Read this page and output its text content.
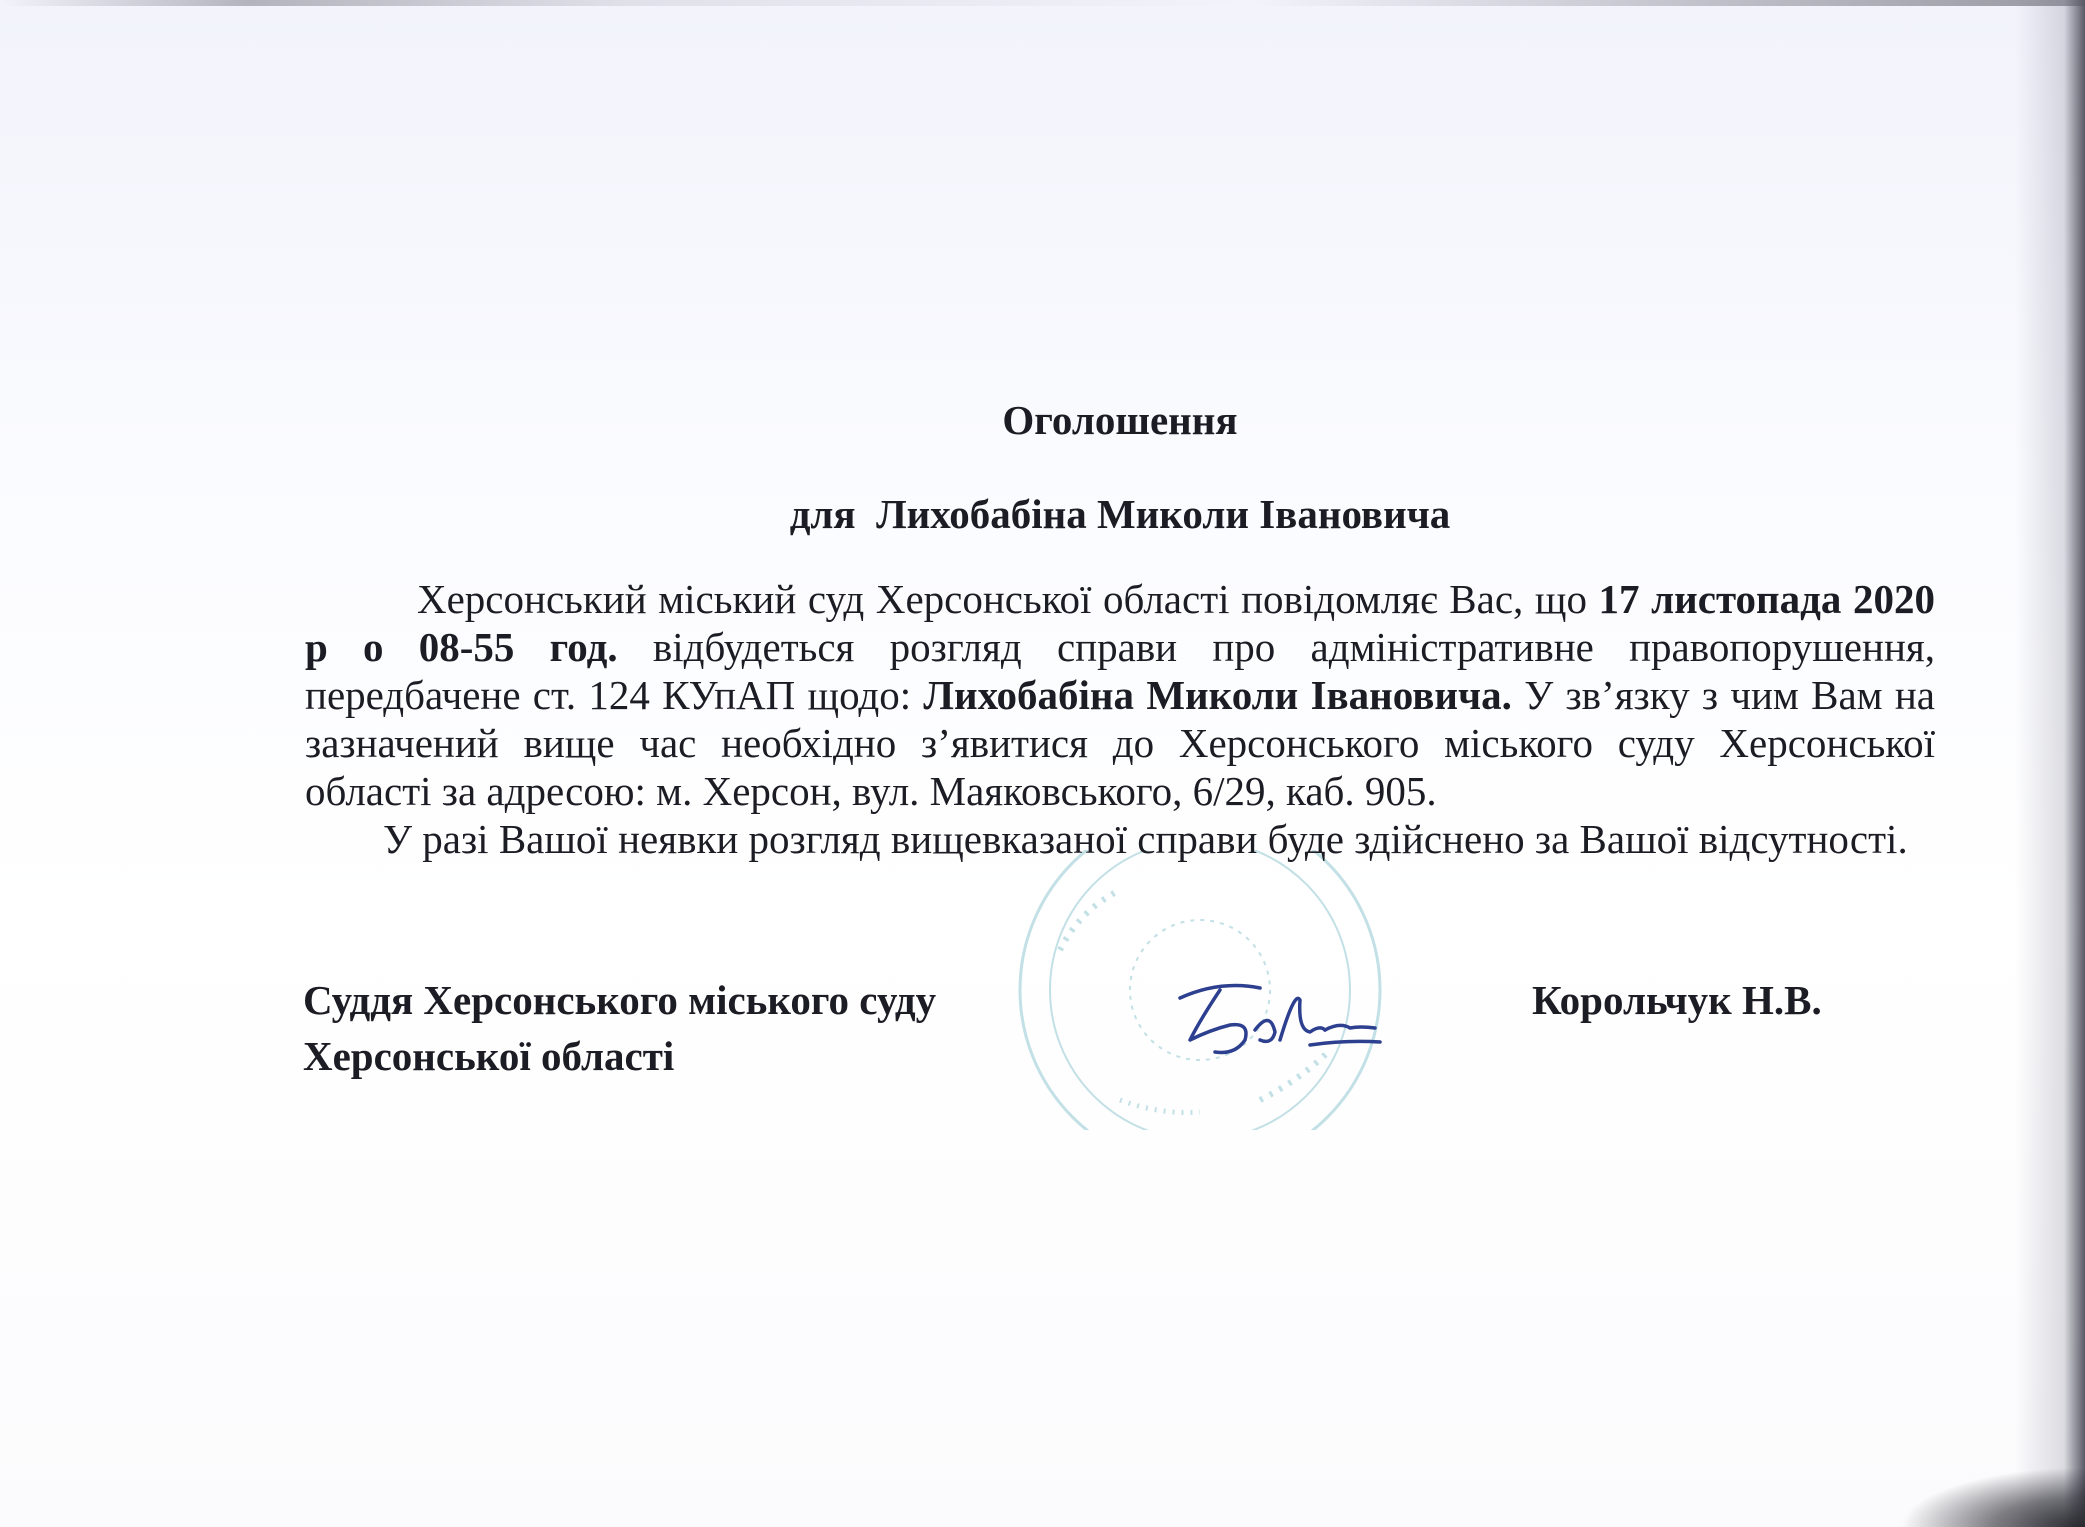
Оголошення
для  Лихобабіна Миколи Івановича

Херсонський міський суд Херсонської області повідомляє Вас, що 17 листопада 2020 р о 08-55 год. відбудеться розгляд справи про адміністративне правопорушення, передбачене ст. 124 КУпАП щодо: Лихобабіна Миколи Івановича. У зв’язку з чим Вам на зазначений вище час необхідно з’явитися до Херсонського міського суду Херсонської області за адресою: м. Херсон, вул. Маяковського, 6/29, каб. 905.

У разі Вашої неявки розгляд вищевказаної справи буде здійснено за Вашої відсутності.

Суддя Херсонського міського суду
Херсонської області
Корольчук Н.В.
